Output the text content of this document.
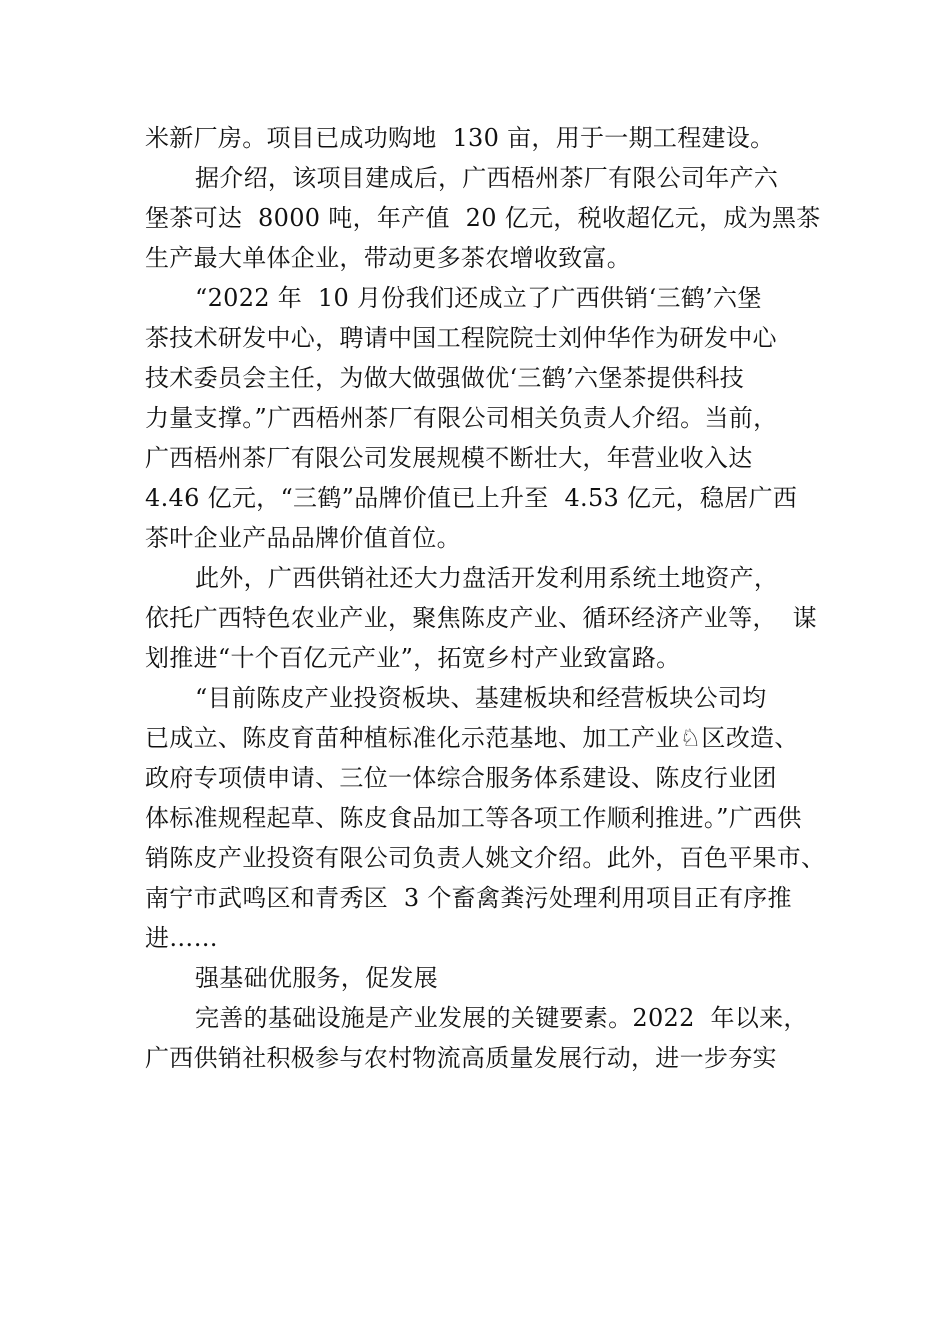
米新厂房。项目已成功购地  130 亩，用于一期工程建设。
据介绍，该项目建成后，广西梧州茶厂有限公司年产六
堡茶可达  8000 吨，年产值  20 亿元，税收超亿元，成为黑茶
生产最大单体企业，带动更多茶农增收致富。
“2022 年  10 月份我们还成立了广西供销‘三鹤’六堡
茶技术研发中心，聘请中国工程院院士刘仲华作为研发中心
技术委员会主任，为做大做强做优‘三鹤’六堡茶提供科技
力量支撑。”广西梧州茶厂有限公司相关负责人介绍。当前，
广西梧州茶厂有限公司发展规模不断壮大，年营业收入达
4.46 亿元，“三鹤”品牌价值已上升至  4.53 亿元，稳居广西
茶叶企业产品品牌价值首位。
此外，广西供销社还大力盘活开发利用系统土地资产，
依托广西特色农业产业，聚焦陈皮产业、循环经济产业等，  谋
划推进“十个百亿元产业”，拓宽乡村产业致富路。
“目前陈皮产业投资板块、基建板块和经营板块公司均
已成立、陈皮育苗种植标准化示范基地、加工产业♘区改造、
政府专项债申请、三位一体综合服务体系建设、陈皮行业团
体标准规程起草、陈皮食品加工等各项工作顺利推进。”广西供
销陈皮产业投资有限公司负责人姚文介绍。此外，百色平果市、
南宁市武鸣区和青秀区  3 个畜禽粪污处理利用项目正有序推
进……
强基础优服务，促发展
完善的基础设施是产业发展的关键要素。2022  年以来，
广西供销社积极参与农村物流高质量发展行动，进一步夯实
